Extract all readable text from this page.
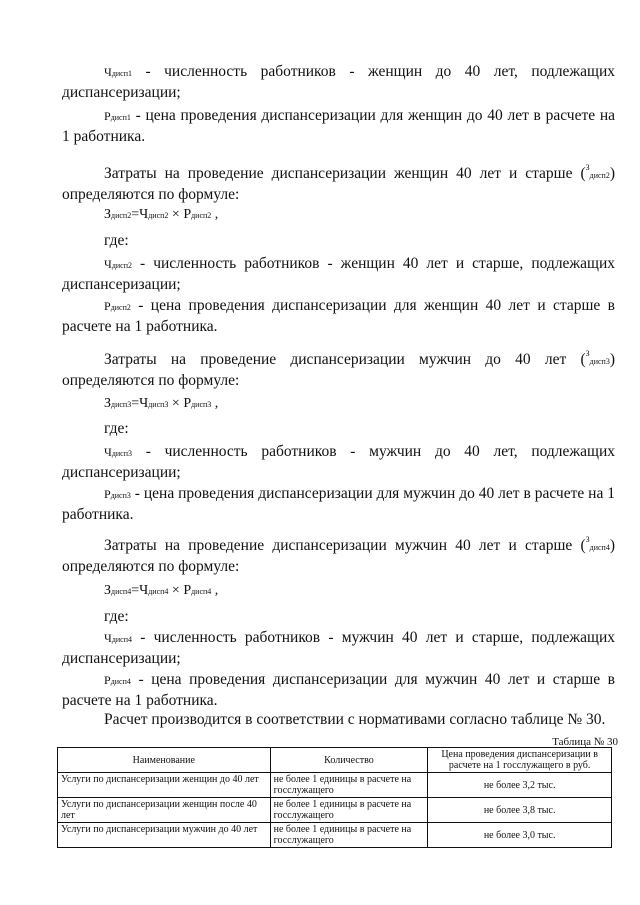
Чдисп1 - численность работников - женщин до 40 лет, подлежащих диспансеризации;
Рдисп1 - цена проведения диспансеризации для женщин до 40 лет в расчете на 1 работника.
Затраты на проведение диспансеризации женщин 40 лет и старше ($^З$дисп2) определяются по формуле:
Здисп2=Чдисп2 × Рдисп2 ,
где:
Чдисп2 - численность работников - женщин 40 лет и старше, подлежащих диспансеризации;
Рдисп2 - цена проведения диспансеризации для женщин 40 лет и старше в расчете на 1 работника.
Затраты на проведение диспансеризации мужчин до 40 лет ($^З$дисп3) определяются по формуле:
Здисп3=Чдисп3 × Рдисп3 ,
где:
Чдисп3 - численность работников - мужчин до 40 лет, подлежащих диспансеризации;
Рдисп3 - цена проведения диспансеризации для мужчин до 40 лет в расчете на 1 работника.
Затраты на проведение диспансеризации мужчин 40 лет и старше ($^З$дисп4) определяются по формуле:
Здисп4=Чдисп4 × Рдисп4 ,
где:
Чдисп4 - численность работников - мужчин 40 лет и старше, подлежащих диспансеризации;
Рдисп4 - цена проведения диспансеризации для мужчин 40 лет и старше в расчете на 1 работника.
Расчет производится в соответствии с нормативами согласно таблице № 30.
Таблица № 30
Наименование	Количество	Цена проведения диспансеризации в расчете на 1 госслужащего в руб.
Услуги по диспансеризации женщин до 40 лет	не более 1 единицы в расчете на госслужащего	не более 3,2 тыс.
Услуги по диспансеризации женщин после 40 лет	не более 1 единицы в расчете на госслужащего	не более 3,8 тыс.
Услуги по диспансеризации мужчин до 40 лет	не более 1 единицы в расчете на госслужащего	не более 3,0 тыс.
